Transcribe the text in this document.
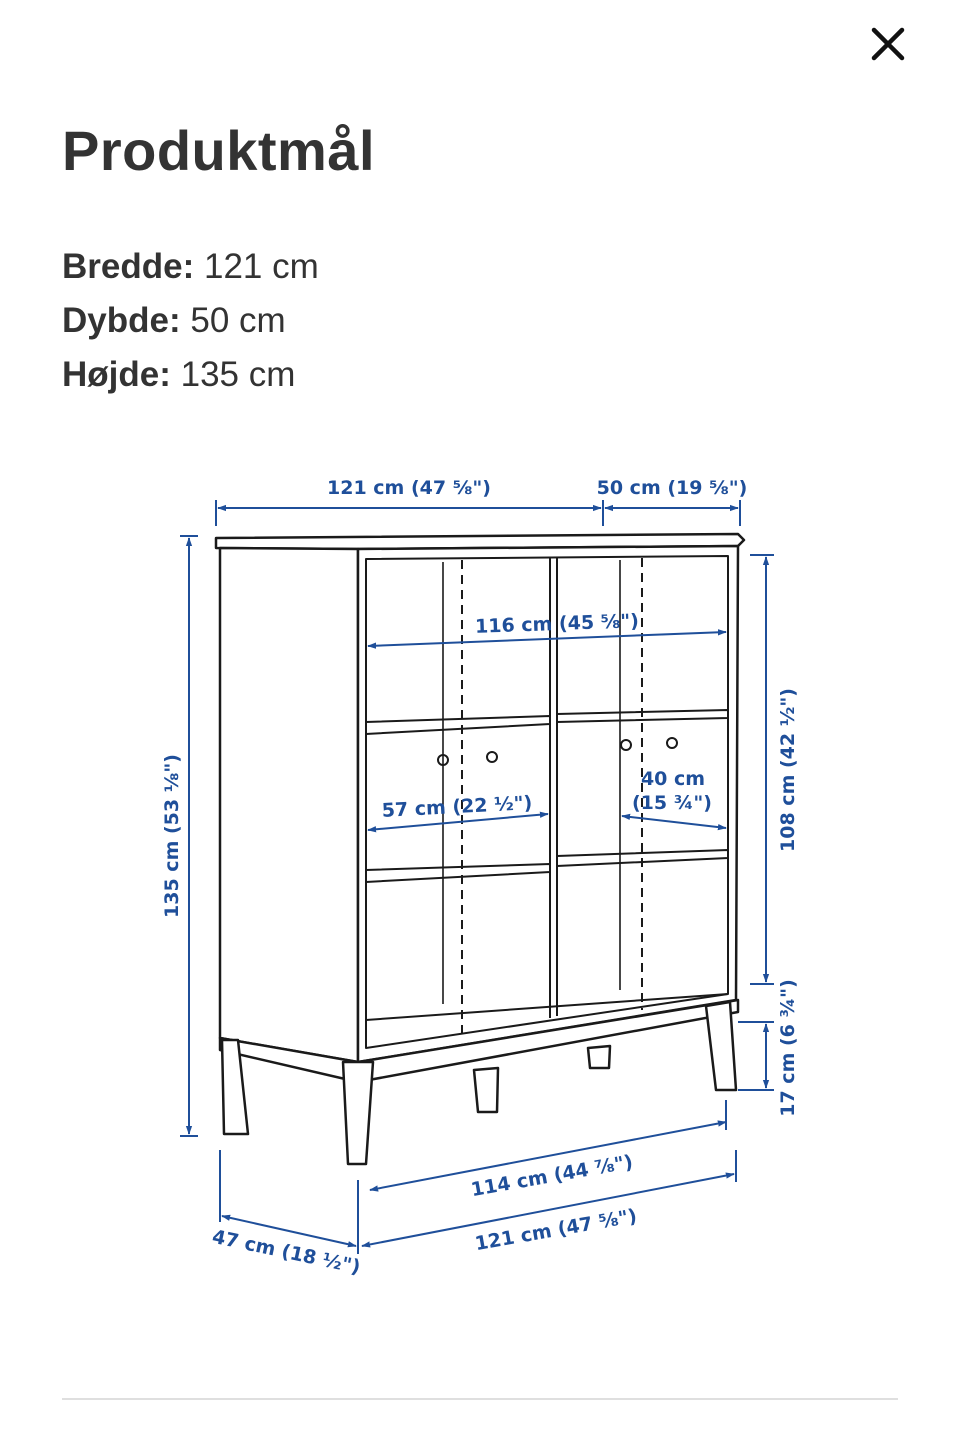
Produktmål
Bredde: 121 cm
Dybde: 50 cm
Højde: 135 cm
121 cm (47 ⅝")	50 cm (19 ⅝")
116 cm (45 ⅝")
57 cm (22 ½")
40 cm
(15 ¾")
135 cm (53 ⅛")	108 cm (42 ½")
17 cm (6 ¾")
114 cm (44 ⅞")
121 cm (47 ⅝")
47 cm (18 ½")
